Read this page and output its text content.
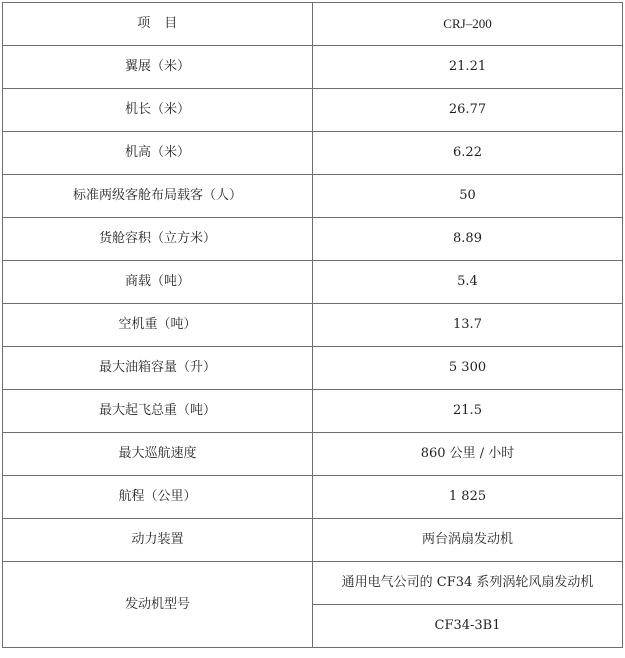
项　目	CRJ–200
翼展（米）	21.21
机长（米）	26.77
机高（米）	6.22
标准两级客舱布局载客（人）	50
货舱容积（立方米）	8.89
商载（吨）	5.4
空机重（吨）	13.7
最大油箱容量（升）	5 300
最大起飞总重（吨）	21.5
最大巡航速度	860 公里 / 小时
航程（公里）	1 825
动力装置	两台涡扇发动机
发动机型号	通用电气公司的 CF34 系列涡轮风扇发动机
	CF34-3B1
